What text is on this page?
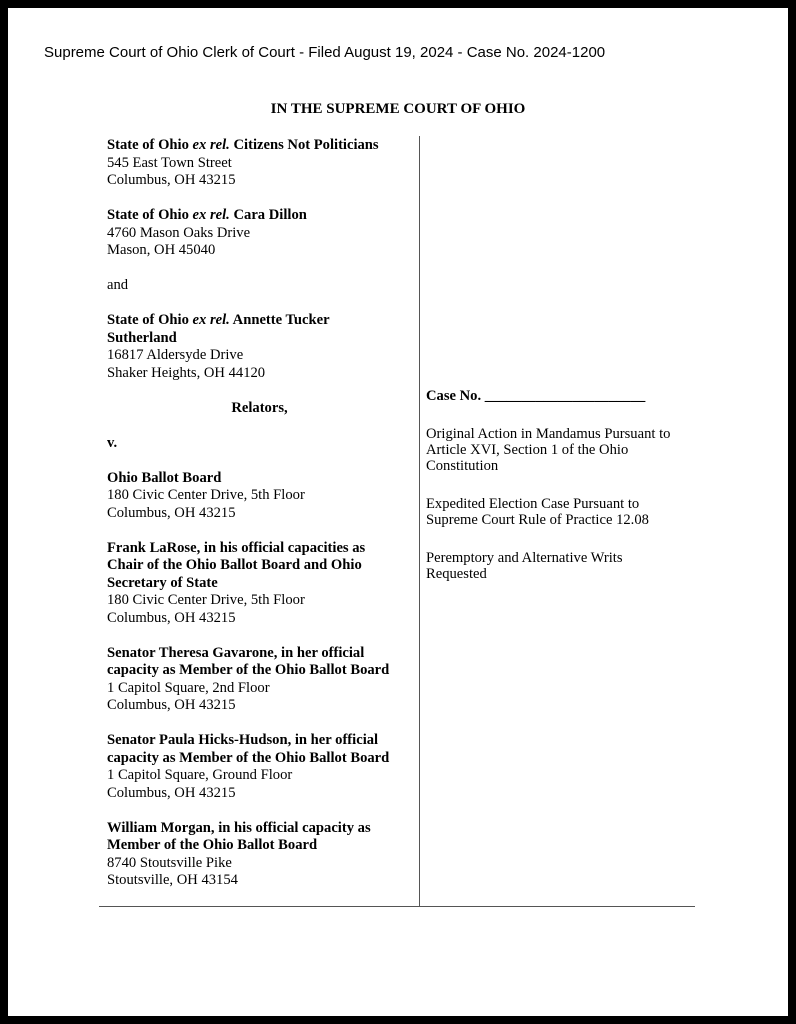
Supreme Court of Ohio Clerk of Court - Filed August 19, 2024 - Case No. 2024-1200
IN THE SUPREME COURT OF OHIO
State of Ohio ex rel. Citizens Not Politicians
545 East Town Street
Columbus, OH 43215
State of Ohio ex rel. Cara Dillon
4760 Mason Oaks Drive
Mason, OH 45040
and
State of Ohio ex rel. Annette Tucker
Sutherland
16817 Aldersyde Drive
Shaker Heights, OH 44120
Relators,
v.
Ohio Ballot Board
180 Civic Center Drive, 5th Floor
Columbus, OH 43215
Frank LaRose, in his official capacities as
Chair of the Ohio Ballot Board and Ohio
Secretary of State
180 Civic Center Drive, 5th Floor
Columbus, OH 43215
Senator Theresa Gavarone, in her official
capacity as Member of the Ohio Ballot Board
1 Capitol Square, 2nd Floor
Columbus, OH 43215
Senator Paula Hicks-Hudson, in her official
capacity as Member of the Ohio Ballot Board
1 Capitol Square, Ground Floor
Columbus, OH 43215
William Morgan, in his official capacity as
Member of the Ohio Ballot Board
8740 Stoutsville Pike
Stoutsville, OH 43154
Case No. ______________________
Original Action in Mandamus Pursuant to
Article XVI, Section 1 of the Ohio
Constitution
Expedited Election Case Pursuant to
Supreme Court Rule of Practice 12.08
Peremptory and Alternative Writs
Requested
